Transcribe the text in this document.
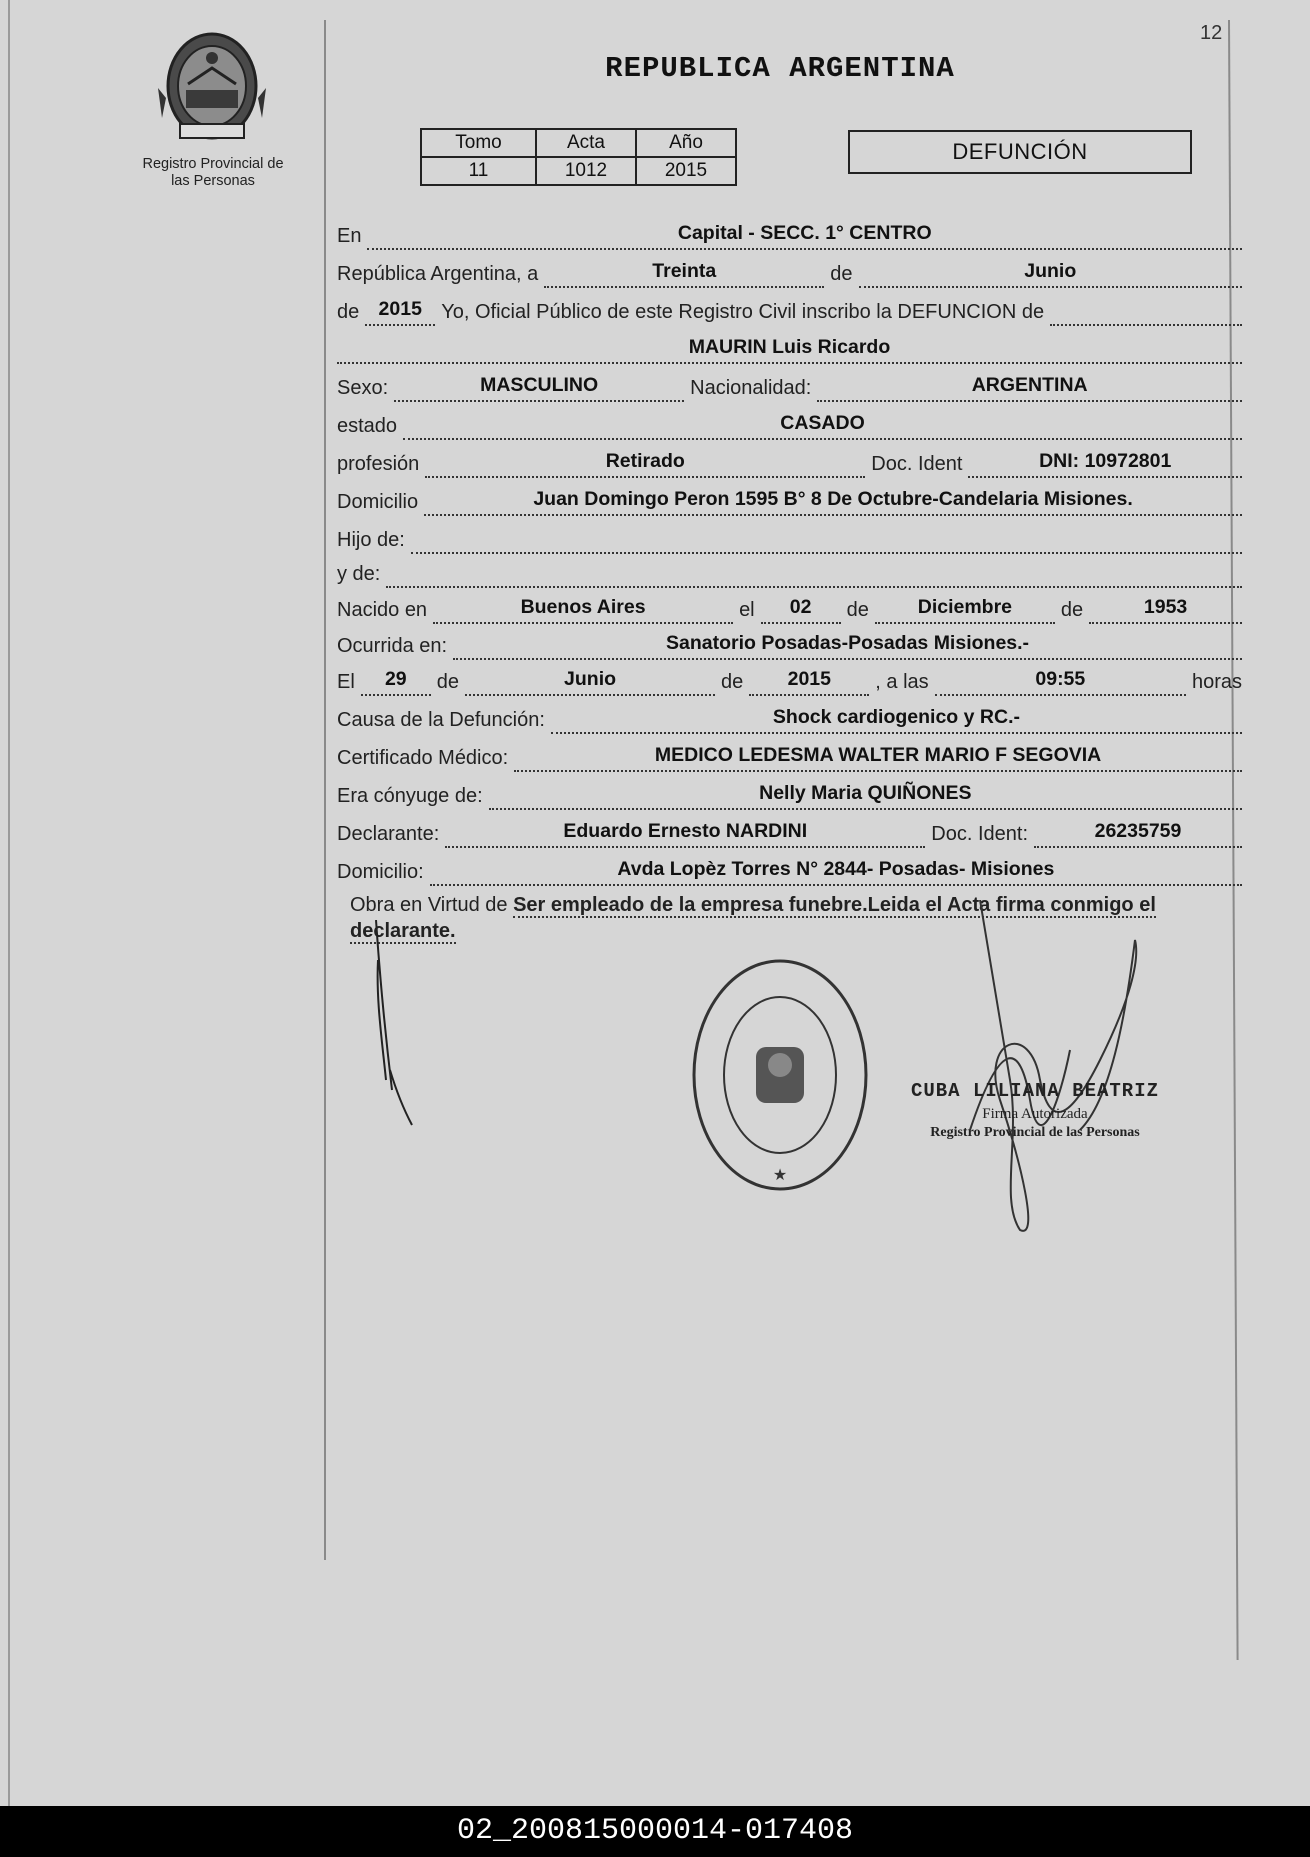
12
Registro Provincial de
las Personas
REPUBLICA ARGENTINA
Tomo	Acta	Año
11	1012	2015
DEFUNCIÓN
En	Capital - SECC. 1° CENTRO
República Argentina, a	Treinta	de	Junio
de 2015 Yo, Oficial Público de este Registro Civil inscribo la DEFUNCION de
MAURIN Luis Ricardo
Sexo:	MASCULINO	Nacionalidad:	ARGENTINA
estado	CASADO
profesión	Retirado	Doc. Ident	DNI: 10972801
Domicilio	Juan Domingo Peron 1595 B° 8 De Octubre-Candelaria Misiones.
Hijo de:
y de:
Nacido en	Buenos Aires	el	02	de	Diciembre	de	1953
Ocurrida en:	Sanatorio Posadas-Posadas Misiones.-
El	29	de	Junio	de	2015	, a las	09:55	horas
Causa de la Defunción:	Shock cardiogenico y RC.-
Certificado Médico:	MEDICO LEDESMA WALTER MARIO F SEGOVIA
Era cónyuge de:	Nelly Maria QUIÑONES
Declarante:	Eduardo Ernesto NARDINI	Doc. Ident:	26235759
Domicilio:	Avda Lopèz Torres N° 2844- Posadas- Misiones
Obra en Virtud de Ser empleado de la empresa funebre.Leida el Acta firma conmigo el
declarante.
★
CUBA LILIANA BEATRIZ
Firma Autorizada
Registro Provincial de las Personas
02_200815000014-017408
